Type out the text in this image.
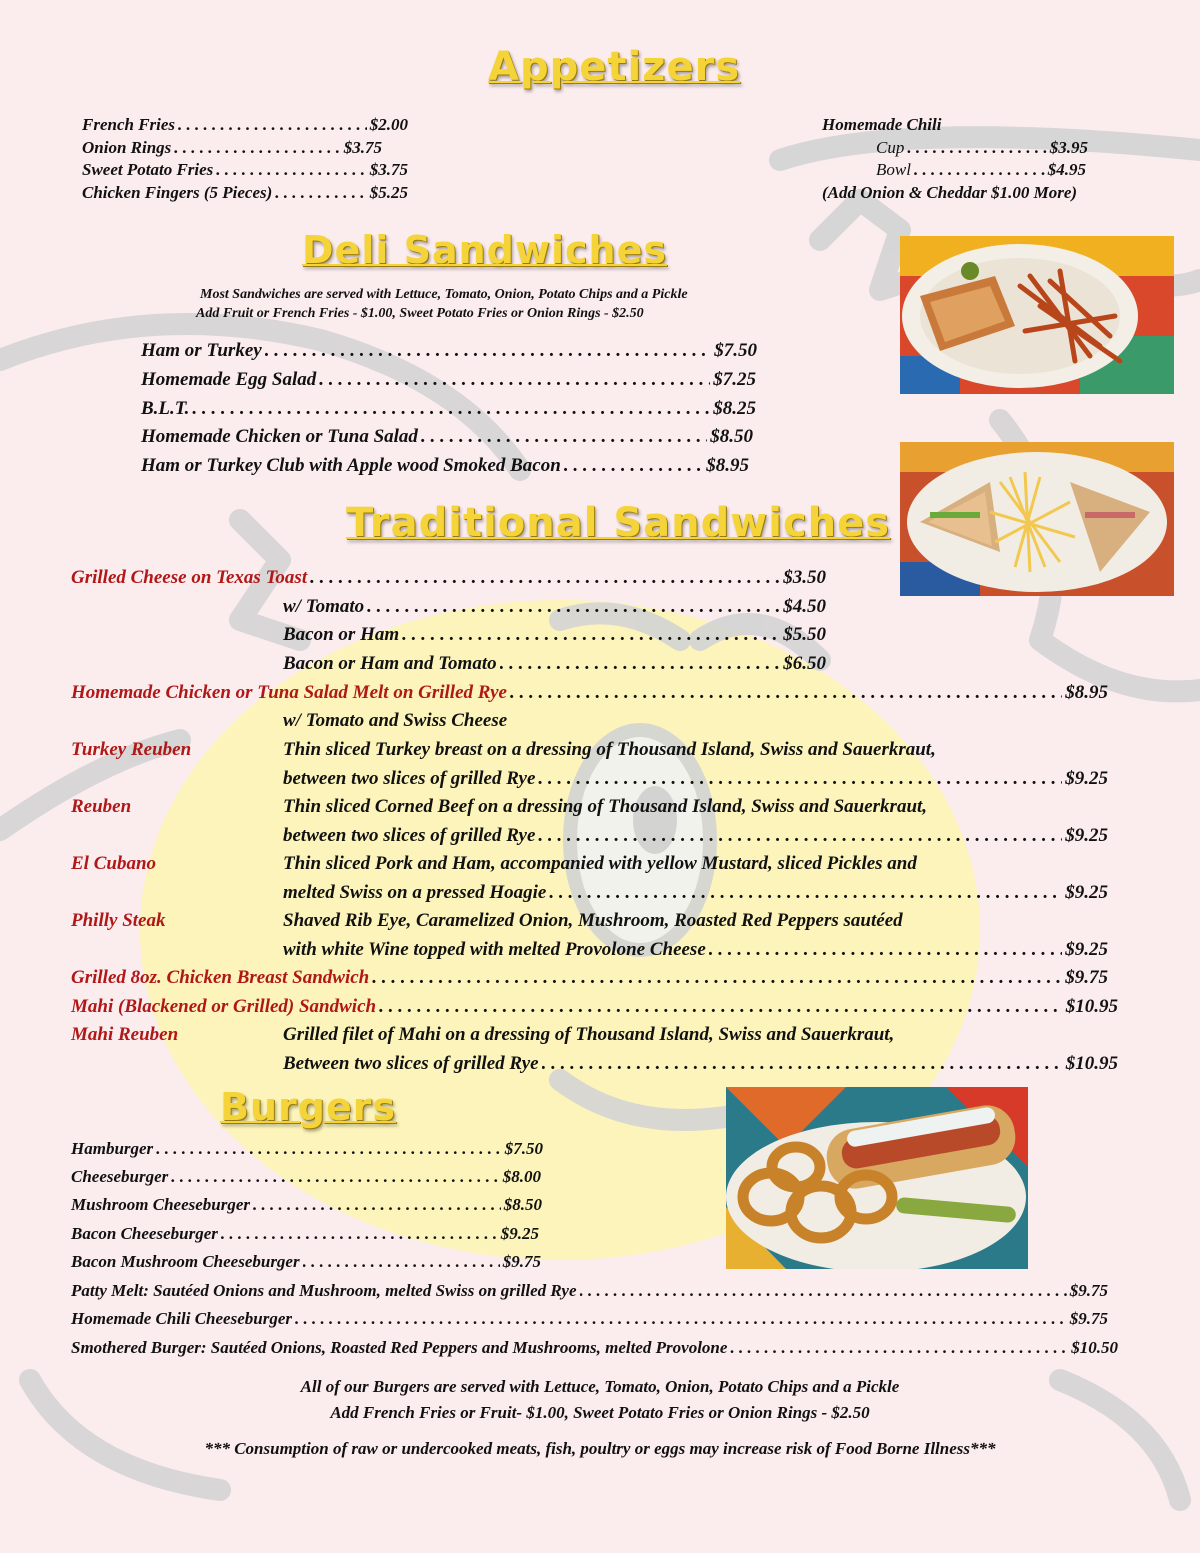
Appetizers
French Fries . . .	$2.00
Onion Rings . . .	$3.75
Sweet Potato Fries . . .	$3.75
Chicken Fingers (5 Pieces) . . .	$5.25
Homemade Chili
Cup . . .	$3.95
Bowl . . .	$4.95
(Add Onion & Cheddar $1.00 More)
Deli Sandwiches
Most Sandwiches are served with Lettuce, Tomato, Onion, Potato Chips and a Pickle
Add Fruit or French Fries - $1.00, Sweet Potato Fries or Onion Rings - $2.50
Ham or Turkey . . .	$7.50
Homemade Egg Salad . . .	$7.25
B.L.T. . . .	$8.25
Homemade Chicken or Tuna Salad . . .	$8.50
Ham or Turkey Club with Apple wood Smoked Bacon . . .	$8.95
Traditional Sandwiches
Grilled Cheese on Texas Toast . . .	$3.50
w/ Tomato . . .	$4.50
Bacon or Ham . . .	$5.50
Bacon or Ham and Tomato . . .	$6.50
Homemade Chicken or Tuna Salad Melt on Grilled Rye . . .	$8.95
w/ Tomato and Swiss Cheese
Turkey Reuben	Thin sliced Turkey breast on a dressing of Thousand Island, Swiss and Sauerkraut,
between two slices of grilled Rye . . .	$9.25
Reuben	Thin sliced Corned Beef on a dressing of Thousand Island, Swiss and Sauerkraut,
between two slices of grilled Rye . . .	$9.25
El Cubano	Thin sliced Pork and Ham, accompanied with yellow Mustard, sliced Pickles and
melted Swiss on a pressed Hoagie . . .	$9.25
Philly Steak	Shaved Rib Eye, Caramelized Onion, Mushroom, Roasted Red Peppers sautéed
with white Wine topped with melted Provolone Cheese . . .	$9.25
Grilled 8oz. Chicken Breast Sandwich . . .	$9.75
Mahi (Blackened or Grilled) Sandwich . . .	$10.95
Mahi Reuben	Grilled filet of Mahi on a dressing of Thousand Island, Swiss and Sauerkraut,
Between two slices of grilled Rye . . .	$10.95
Burgers
Hamburger . . .	$7.50
Cheeseburger . . .	$8.00
Mushroom Cheeseburger . . .	$8.50
Bacon Cheeseburger . . .	$9.25
Bacon Mushroom Cheeseburger . . .	$9.75
Patty Melt: Sautéed Onions and Mushroom, melted Swiss on grilled Rye . . .	$9.75
Homemade Chili Cheeseburger . . .	$9.75
Smothered Burger: Sautéed Onions, Roasted Red Peppers and Mushrooms, melted Provolone . . .	$10.50
All of our Burgers are served with Lettuce, Tomato, Onion, Potato Chips and a Pickle
Add French Fries or Fruit- $1.00, Sweet Potato Fries or Onion Rings - $2.50
*** Consumption of raw or undercooked meats, fish, poultry or eggs may increase risk of Food Borne Illness***
